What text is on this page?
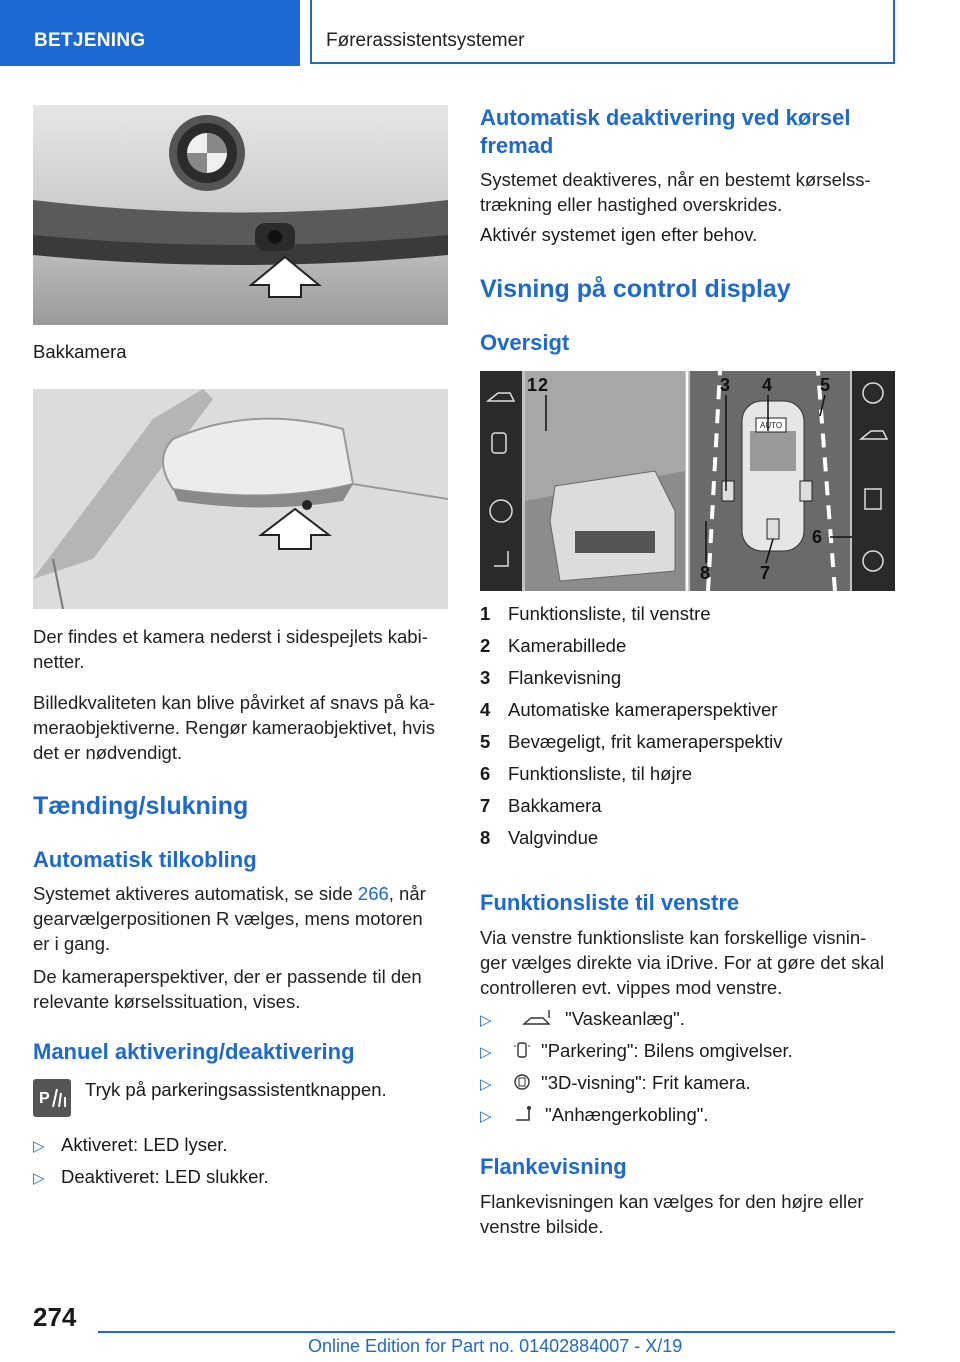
BETJENING	Førerassistentsystemer
Bakkamera

Der findes et kamera nederst i sidespejlets kabi-

netter.

Billedkvaliteten kan blive påvirket af snavs på ka-

meraobjektiverne. Rengør kameraobjektivet, hvis

det er nødvendigt.

Tænding/slukning
Automatisk tilkobling

Systemet aktiveres automatisk, se side 266, når

gearvælgerpositionen R vælges, mens motoren

er i gang.

De kameraperspektiver, der er passende til den

relevante kørselssituation, vises.

Manuel aktivering/deaktivering
P Tryk på parkeringsassistentknappen.
▷ Aktiveret: LED lyser.
▷ Deaktiveret: LED slukker.
Automatisk deaktivering ved kørsel
fremad

Systemet deaktiveres, når en bestemt kørselss-

trækning eller hastighed overskrides.

Aktivér systemet igen efter behov.
Visning på control display
Oversigt
AUTO
1 2	3 4	5
6
7
8
1 Funktionsliste, til venstre
2 Kamerabillede
3 Flankevisning
4 Automatiske kameraperspektiver
5 Bevægeligt, frit kameraperspektiv
6 Funktionsliste, til højre
7 Bakkamera
8 Valgvindue
Funktionsliste til venstre

Via venstre funktionsliste kan forskellige visnin-

ger vælges direkte via iDrive. For at gøre det skal

controlleren evt. vippes mod venstre.

▷	"Vaskeanlæg".
▷	"Parkering": Bilens omgivelser.
▷	"3D-visning": Frit kamera.
▷	"Anhængerkobling".
Flankevisning

Flankevisningen kan vælges for den højre eller

venstre bilside.

274
Online Edition for Part no. 01402884007 - X/19
